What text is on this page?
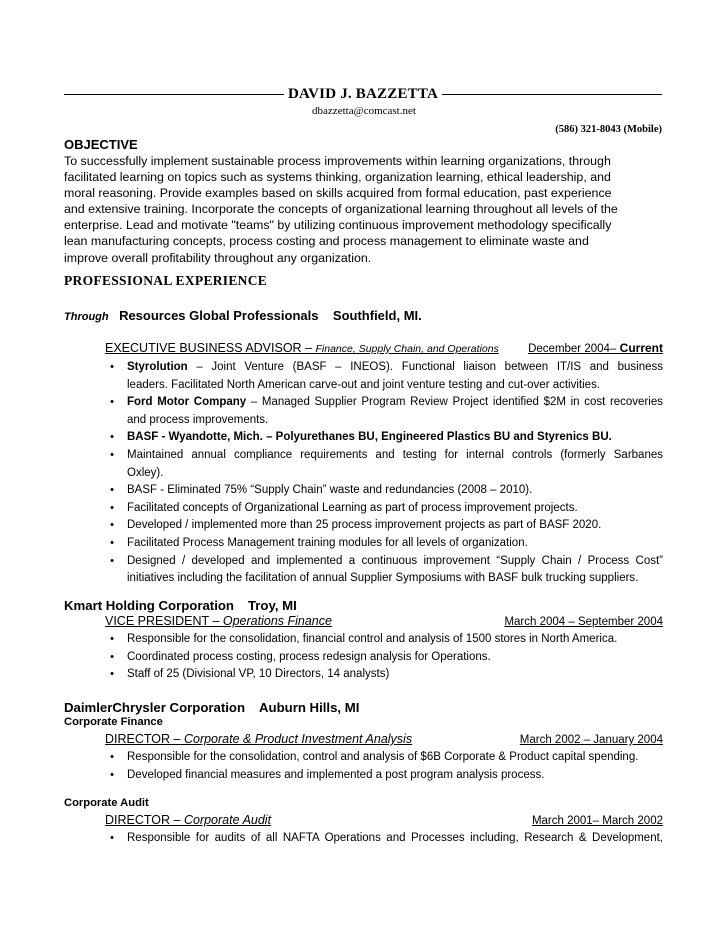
DAVID J. BAZZETTA
dbazzetta@comcast.net
(586) 321-8043 (Mobile)
OBJECTIVE
To successfully implement sustainable process improvements within learning organizations, through
facilitated learning on topics such as systems thinking, organization learning, ethical leadership, and
moral reasoning. Provide examples based on skills acquired from formal education, past experience
and extensive training. Incorporate the concepts of organizational learning throughout all levels of the
enterprise. Lead and motivate "teams" by utilizing continuous improvement methodology specifically
lean manufacturing concepts, process costing and process management to eliminate waste and
improve overall profitability throughout any organization.
PROFESSIONAL EXPERIENCE
Through Resources Global Professionals Southfield, MI.
EXECUTIVE BUSINESS ADVISOR – Finance, Supply Chain, and Operations	December 2004– Current
•	Styrolution – Joint Venture (BASF – INEOS). Functional liaison between IT/IS and business
leaders. Facilitated North American carve-out and joint venture testing and cut-over activities.
•	Ford Motor Company – Managed Supplier Program Review Project identified $2M in cost recoveries
and process improvements.
•	BASF - Wyandotte, Mich. – Polyurethanes BU, Engineered Plastics BU and Styrenics BU.
•	Maintained annual compliance requirements and testing for internal controls (formerly Sarbanes
Oxley).
•	BASF - Eliminated 75% “Supply Chain” waste and redundancies (2008 – 2010).
•	Facilitated concepts of Organizational Learning as part of process improvement projects.
•	Developed / implemented more than 25 process improvement projects as part of BASF 2020.
•	Facilitated Process Management training modules for all levels of organization.
•	Designed / developed and implemented a continuous improvement “Supply Chain / Process Cost”
initiatives including the facilitation of annual Supplier Symposiums with BASF bulk trucking suppliers.
Kmart Holding Corporation Troy, MI
VICE PRESIDENT – Operations Finance	March 2004 – September 2004
•	Responsible for the consolidation, financial control and analysis of 1500 stores in North America.
•	Coordinated process costing, process redesign analysis for Operations.
•	Staff of 25 (Divisional VP, 10 Directors, 14 analysts)
DaimlerChrysler Corporation Auburn Hills, MI
Corporate Finance
DIRECTOR – Corporate & Product Investment Analysis	March 2002 – January 2004
•	Responsible for the consolidation, control and analysis of $6B Corporate & Product capital spending.
•	Developed financial measures and implemented a post program analysis process.
Corporate Audit
DIRECTOR – Corporate Audit	March 2001– March 2002
•	Responsible for audits of all NAFTA Operations and Processes including, Research & Development,
